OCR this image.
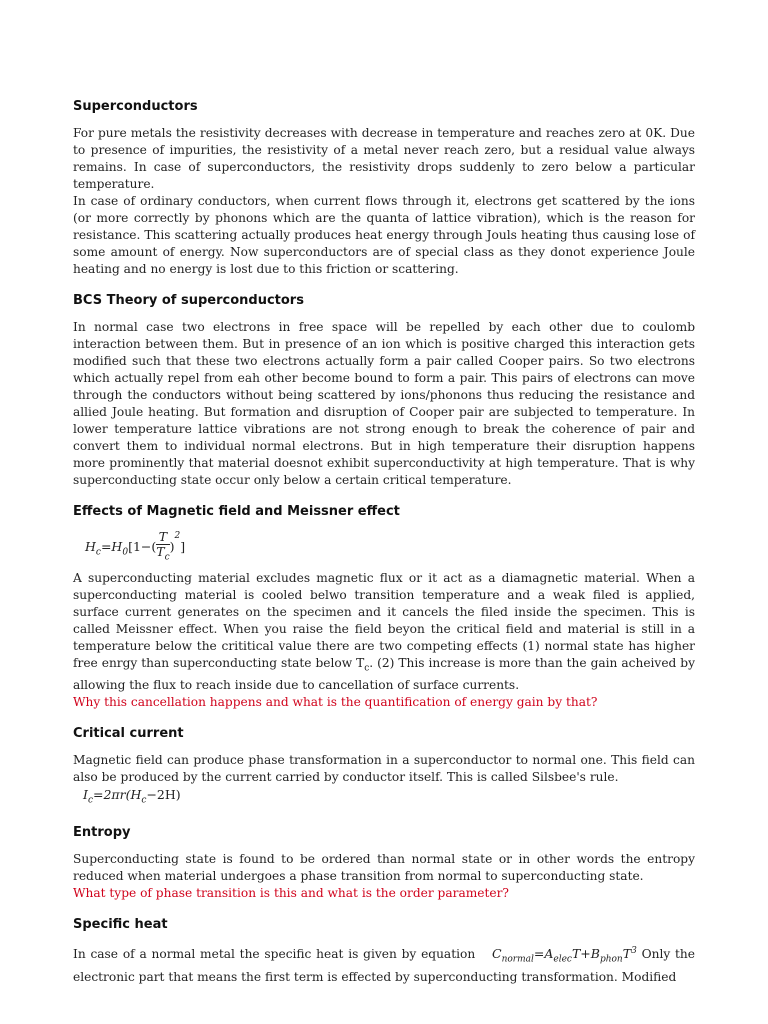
Superconductors

For pure metals the resistivity decreases with decrease in temperature and reaches zero at 0K. Due to presence of impurities, the resistivity of a metal never reach zero, but a residual value always remains. In case of superconductors, the resistivity drops suddenly to zero below a particular temperature.

In case of ordinary conductors, when current flows through it, electrons get scattered by the ions (or more correctly by phonons which are the quanta of lattice vibration), which is the reason for resistance. This scattering actually produces heat energy through Jouls heating thus causing lose of some amount of energy. Now superconductors are of special class as they donot experience Joule heating and no energy is lost due to this friction or scattering.

BCS Theory of superconductors

In normal case two electrons in free space will be repelled by each other due to coulomb interaction between them. But in presence of an ion which is positive charged this interaction gets modified such that these two electrons actually form a pair called Cooper pairs. So two electrons which actually repel from eah other become bound to form a pair. This pairs of electrons can move through the conductors without being scattered by ions/phonons thus reducing the resistance and allied Joule heating. But formation and disruption of Cooper pair are subjected to temperature. In lower temperature lattice vibrations are not strong enough to break the coherence of pair and convert them to individual normal electrons. But in high temperature their disruption happens more prominently that material doesnot exhibit superconductivity at high temperature. That is why superconducting state occur only below a certain critical temperature.

Effects of Magnetic field and Meissner effect
$H_c=H_0[1-( \frac{T}{T_c} )^2]$

A superconducting material excludes magnetic flux or it act as a diamagnetic material. When a superconducting material is cooled belwo transition temperature and a weak filed is applied, surface current generates on the specimen and it cancels the filed inside the specimen. This is called Meissner effect. When you raise the field beyon the critical field and material is still in a temperature below the crititical value there are two competing effects (1) normal state has higher free enrgy than superconducting state below $T_c$. (2) This increase is more than the gain acheived by allowing the flux to reach inside due to cancellation of surface currents.

Why this cancellation happens and what is the quantification of energy gain by that?

Critical current

Magnetic field can produce phase transformation in a superconductor to normal one. This field can also be produced by the current carried by conductor itself. This is called Silsbee's rule.
$I_c=2\pi r(H_c-2H)$

Entropy

Superconducting state is found to be ordered than normal state or in other words the entropy reduced when material undergoes a phase transition from normal to superconducting state.

What type of phase transition is this and what is the order parameter?

Specific heat

In case of a normal metal the specific heat is given by equation $C_{normal}=A_{elec}T+B_{phon}T^3$ Only the electronic part that means the first term is effected by superconducting transformation. Modified
